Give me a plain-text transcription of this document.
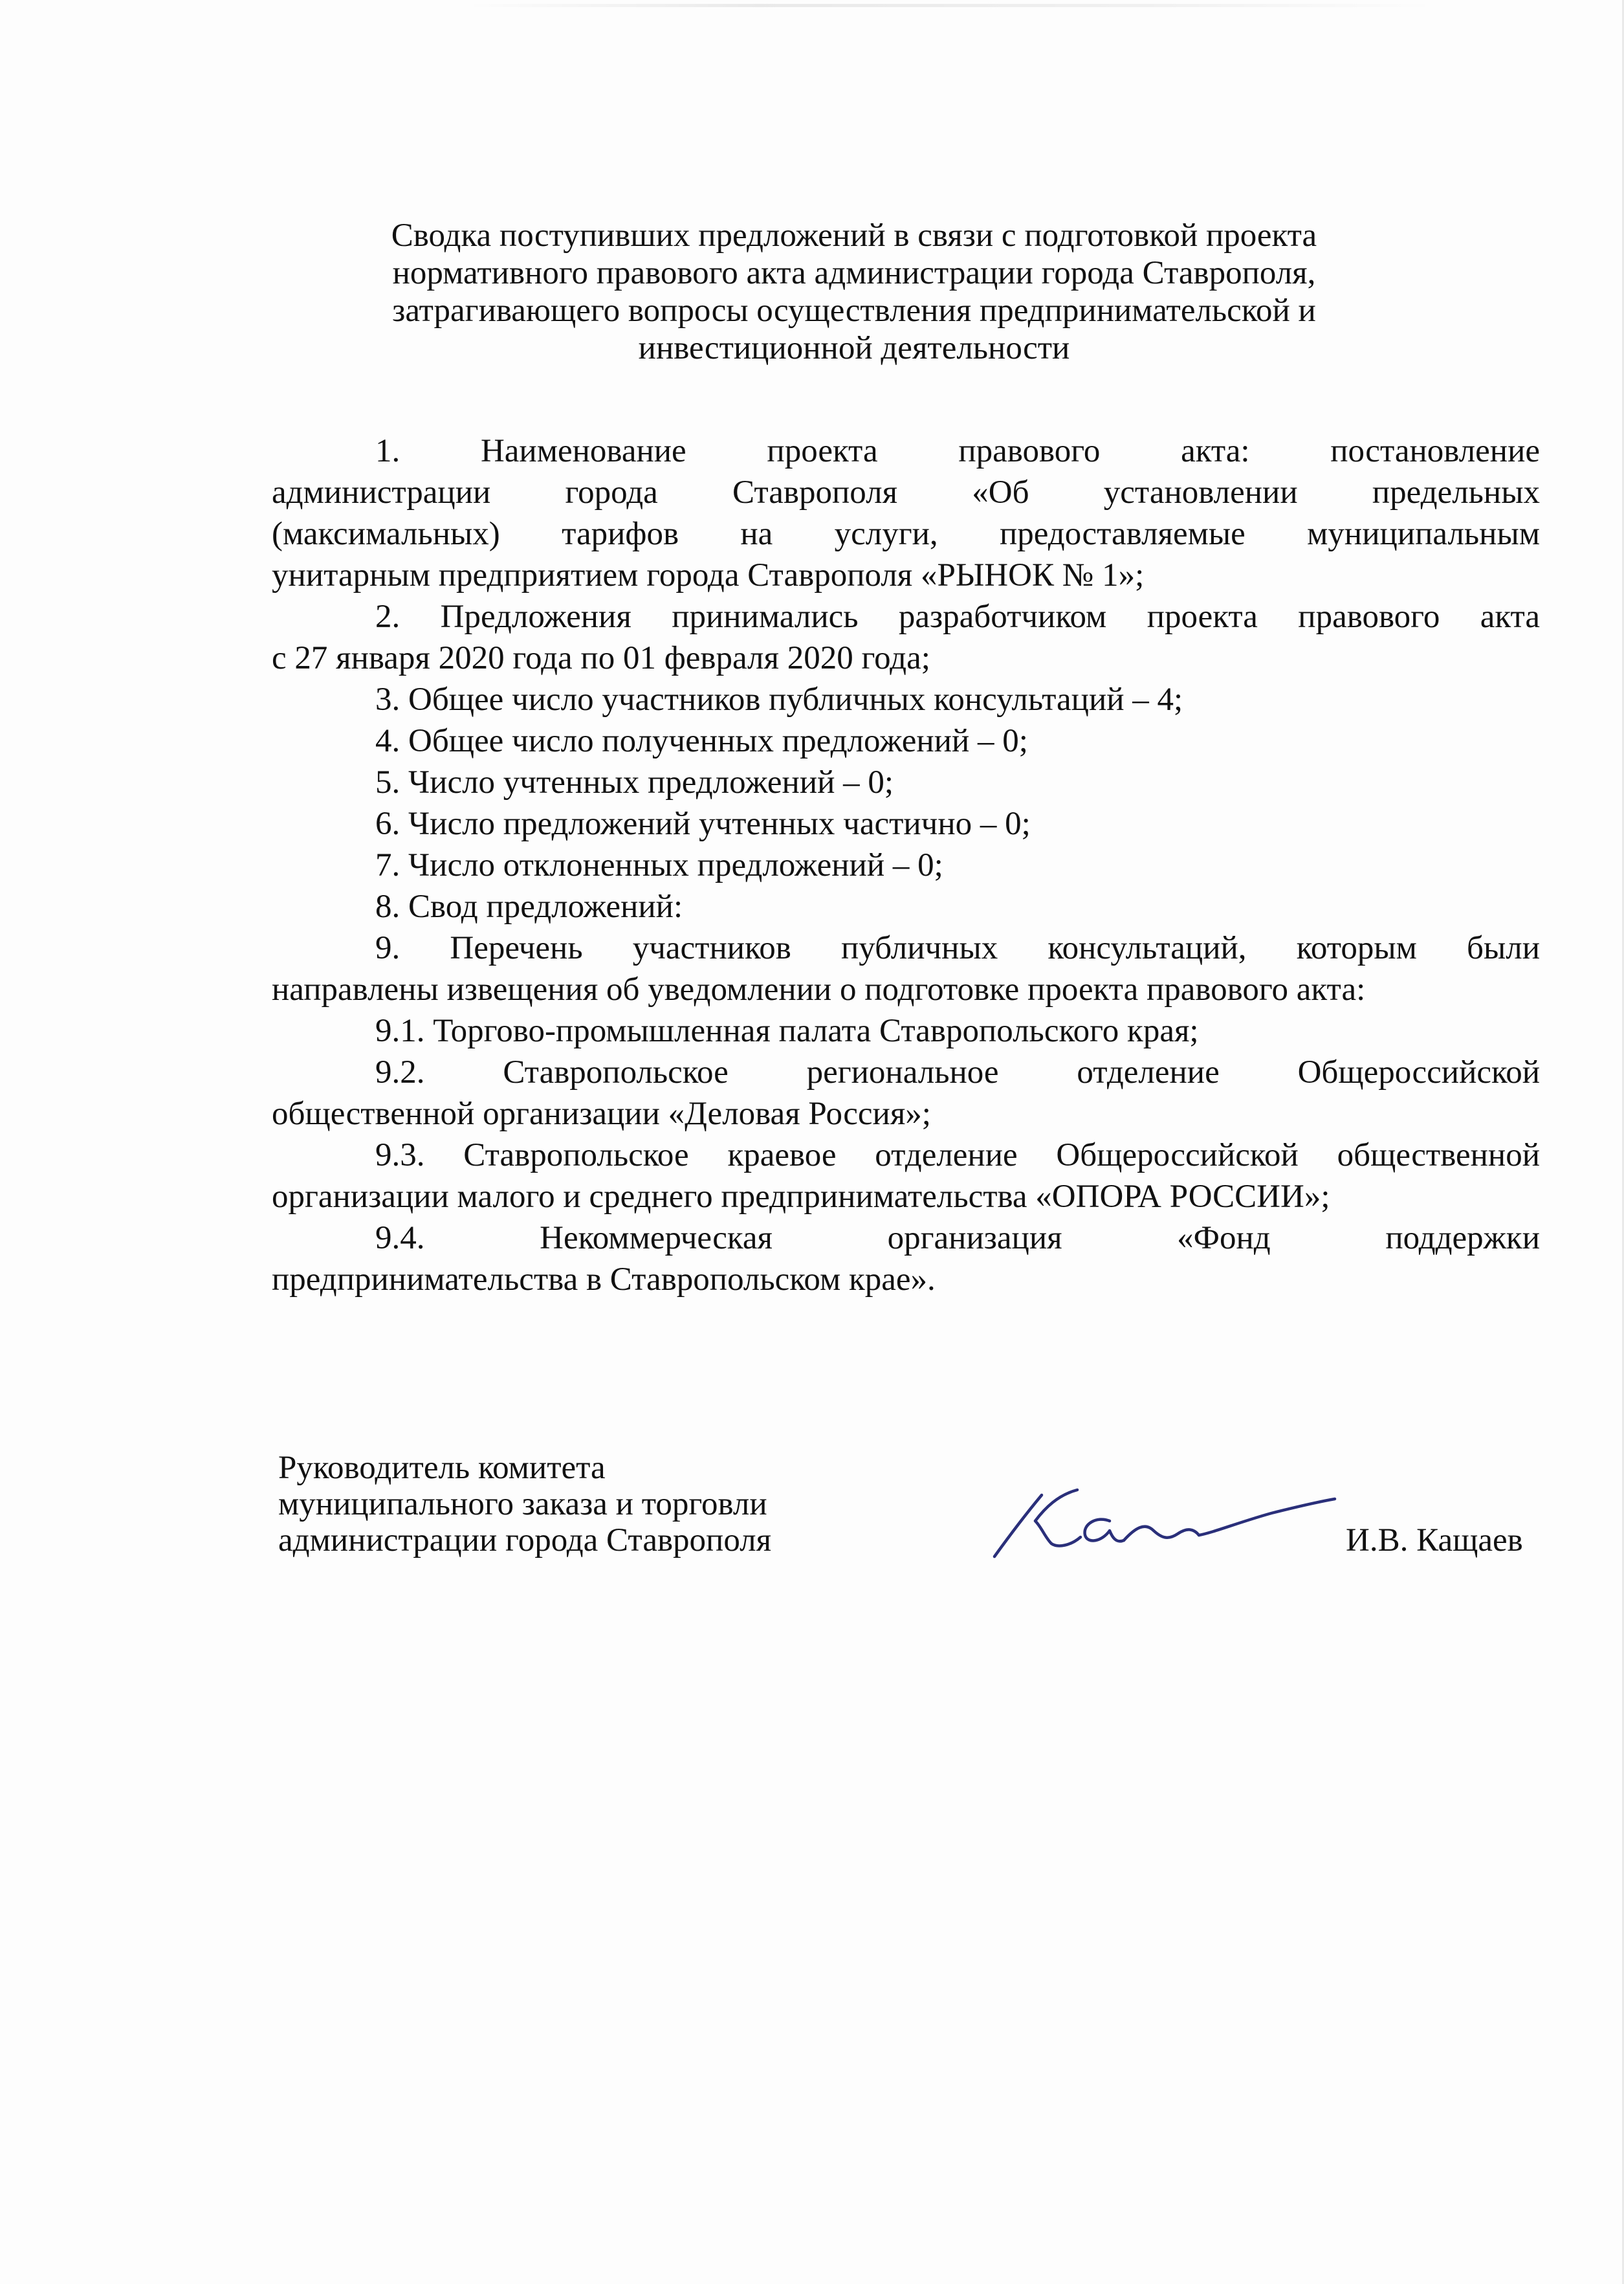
Сводка поступивших предложений в связи с подготовкой проекта
нормативного правового акта администрации города Ставрополя,
затрагивающего вопросы осуществления предпринимательской и
инвестиционной деятельности

1. Наименование проекта правового акта: постановление

администрации города Ставрополя «Об установлении предельных

(максимальных) тарифов на услуги, предоставляемые муниципальным

унитарным предприятием города Ставрополя «РЫНОК № 1»;

2. Предложения принимались разработчиком проекта правового акта

с 27 января 2020 года по 01 февраля 2020 года;

3. Общее число участников публичных консультаций – 4;

4. Общее число полученных предложений – 0;

5. Число учтенных предложений – 0;

6. Число предложений учтенных частично – 0;

7. Число отклоненных предложений – 0;

8. Свод предложений:

9. Перечень участников публичных консультаций, которым были

направлены извещения об уведомлении о подготовке проекта правового акта:

9.1. Торгово-промышленная палата Ставропольского края;

9.2. Ставропольское региональное отделение Общероссийской

общественной организации «Деловая Россия»;

9.3. Ставропольское краевое отделение Общероссийской общественной

организации малого и среднего предпринимательства «ОПОРА РОССИИ»;

9.4. Некоммерческая организация «Фонд поддержки

предпринимательства в Ставропольском крае».

Руководитель комитета
муниципального заказа и торговли
администрации города Ставрополя	И.В. Кащаев
